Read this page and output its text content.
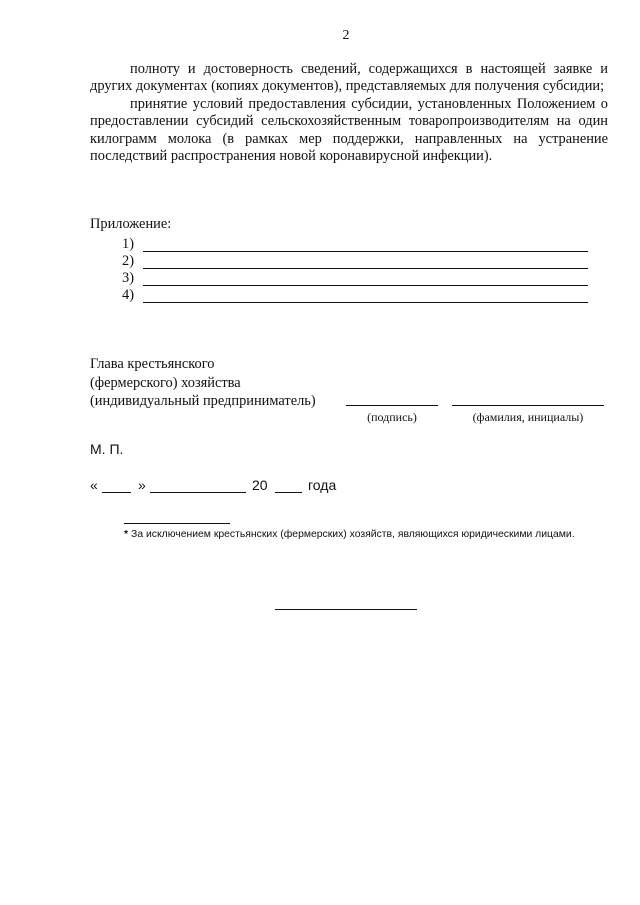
2

полноту и достоверность сведений, содержащихся в настоящей заявке и других документах (копиях документов), представляемых для получения субсидии;

принятие условий предоставления субсидии, установленных Положением о предоставлении субсидий сельскохозяйственным товаропроизводителям на один килограмм молока (в рамках мер поддержки, направленных на устранение последствий распространения новой коронавирусной инфекции).

Приложение:
1)
2)
3)
4)
Глава крестьянского
(фермерского) хозяйства
(индивидуальный предприниматель)
(подпись)	(фамилия, инициалы)
М. П.
«	»	20	года
* За исключением крестьянских (фермерских) хозяйств, являющихся юридическими лицами.
